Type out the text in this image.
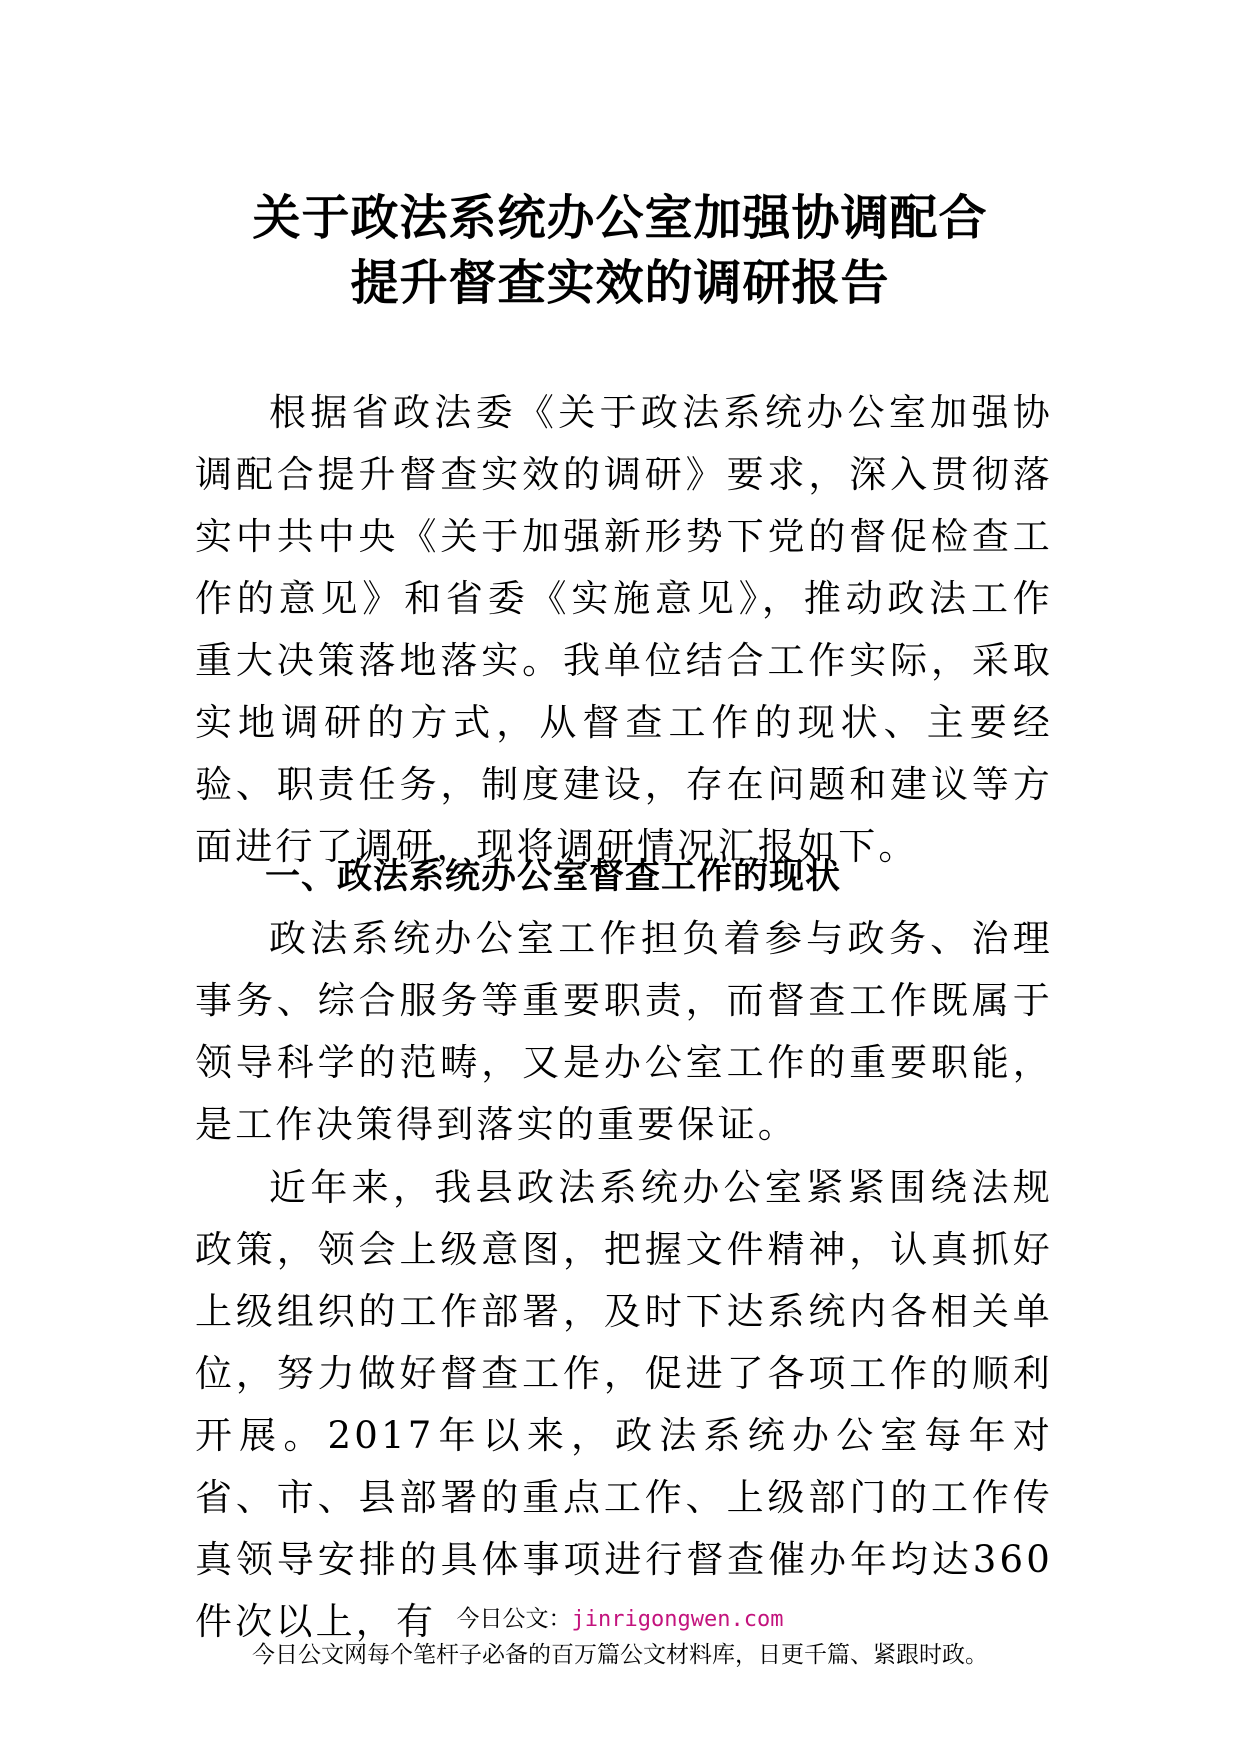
关于政法系统办公室加强协调配合
提升督查实效的调研报告

根据省政法委《关于政法系统办公室加强协调配合提升督查实效的调研》要求，深入贯彻落实中共中央《关于加强新形势下党的督促检查工作的意见》和省委《实施意见》，推动政法工作重大决策落地落实。我单位结合工作实际，采取实地调研的方式，从督查工作的现状、主要经验、职责任务，制度建设，存在问题和建议等方面进行了调研，现将调研情况汇报如下。

一、政法系统办公室督查工作的现状

政法系统办公室工作担负着参与政务、治理事务、综合服务等重要职责，而督查工作既属于领导科学的范畴，又是办公室工作的重要职能，是工作决策得到落实的重要保证。

近年来，我县政法系统办公室紧紧围绕法规政策，领会上级意图，把握文件精神，认真抓好上级组织的工作部署，及时下达系统内各相关单位，努力做好督查工作，促进了各项工作的顺利开展。2017年以来，政法系统办公室每年对省、市、县部署的重点工作、上级部门的工作传真领导安排的具体事项进行督查催办年均达360件次以上，有 今日公文：jinrigongwen.com
今日公文网每个笔杆子必备的百万篇公文材料库，日更千篇、紧跟时政。
